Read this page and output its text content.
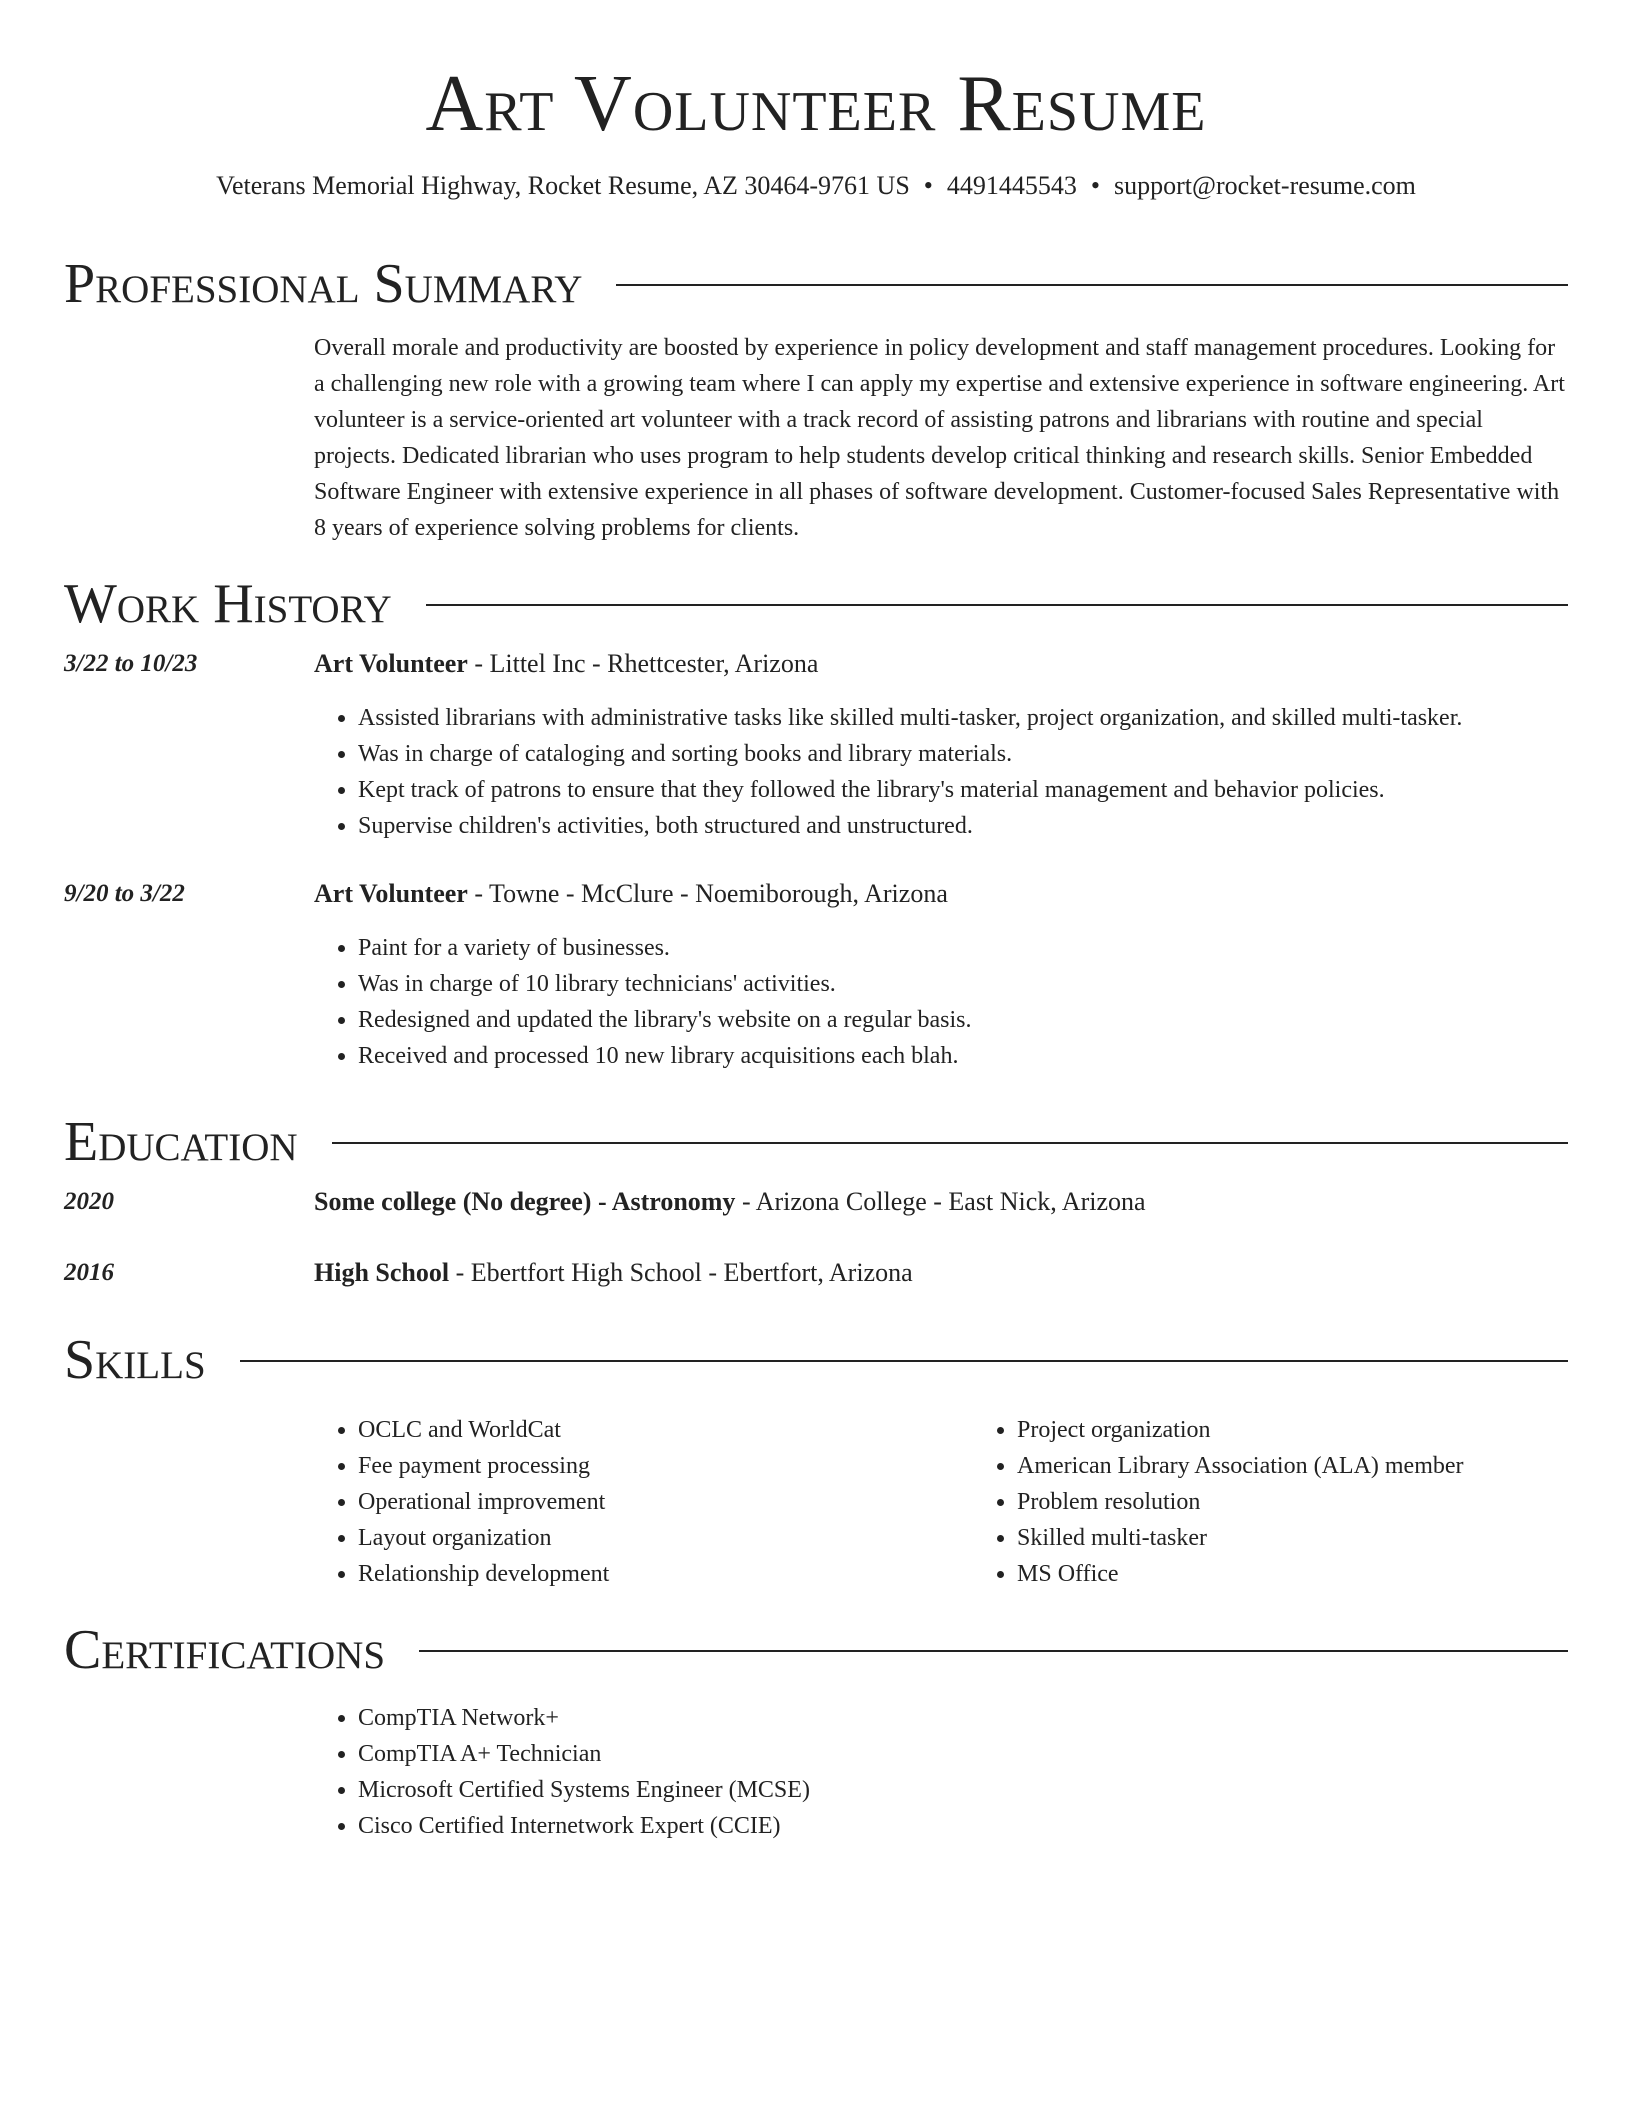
Art Volunteer Resume
Veterans Memorial Highway, Rocket Resume, AZ 30464-9761 US • 4491445543 • support@rocket-resume.com
Professional Summary

Overall morale and productivity are boosted by experience in policy development and staff management procedures. Looking for a challenging new role with a growing team where I can apply my expertise and extensive experience in software engineering. Art volunteer is a service-oriented art volunteer with a track record of assisting patrons and librarians with routine and special projects. Dedicated librarian who uses program to help students develop critical thinking and research skills. Senior Embedded Software Engineer with extensive experience in all phases of software development. Customer-focused Sales Representative with 8 years of experience solving problems for clients.

Work History
3/22 to 10/23	Art Volunteer - Littel Inc - Rhettcester, Arizona
• Assisted librarians with administrative tasks like skilled multi-tasker, project organization, and skilled multi-tasker.
• Was in charge of cataloging and sorting books and library materials.
• Kept track of patrons to ensure that they followed the library's material management and behavior policies.
• Supervise children's activities, both structured and unstructured.
9/20 to 3/22	Art Volunteer - Towne - McClure - Noemiborough, Arizona
• Paint for a variety of businesses.
• Was in charge of 10 library technicians' activities.
• Redesigned and updated the library's website on a regular basis.
• Received and processed 10 new library acquisitions each blah.
Education
2020	Some college (No degree) - Astronomy - Arizona College - East Nick, Arizona
2016	High School - Ebertfort High School - Ebertfort, Arizona
Skills
• OCLC and WorldCat
• Fee payment processing
• Operational improvement
• Layout organization
• Relationship development
• Project organization
• American Library Association (ALA) member
• Problem resolution
• Skilled multi-tasker
• MS Office
Certifications
• CompTIA Network+
• CompTIA A+ Technician
• Microsoft Certified Systems Engineer (MCSE)
• Cisco Certified Internetwork Expert (CCIE)
